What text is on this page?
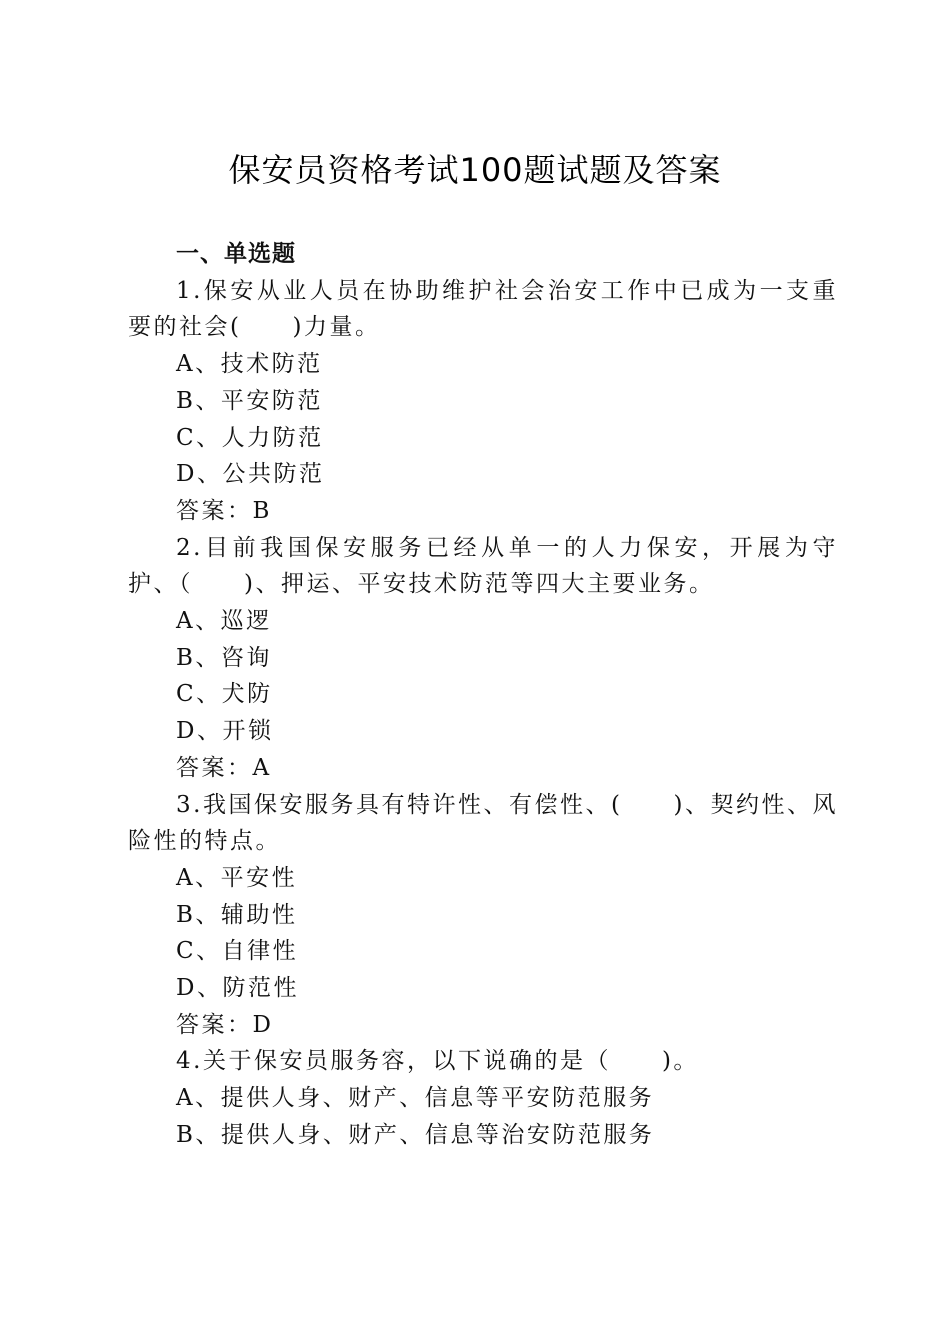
保安员资格考试100题试题及答案

一、单选题

1.保安从业人员在协助维护社会治安工作中已成为一支重要的社会(　　)力量。

A、技术防范

B、平安防范

C、人力防范

D、公共防范

答案：B

2.目前我国保安服务已经从单一的人力保安，开展为守护、（　　)、押运、平安技术防范等四大主要业务。

A、巡逻

B、咨询

C、犬防

D、开锁

答案：A

3.我国保安服务具有特许性、有偿性、(　　)、契约性、风险性的特点。

A、平安性

B、辅助性

C、自律性

D、防范性

答案：D

4.关于保安员服务容，以下说确的是（　　)。

A、提供人身、财产、信息等平安防范服务

B、提供人身、财产、信息等治安防范服务
